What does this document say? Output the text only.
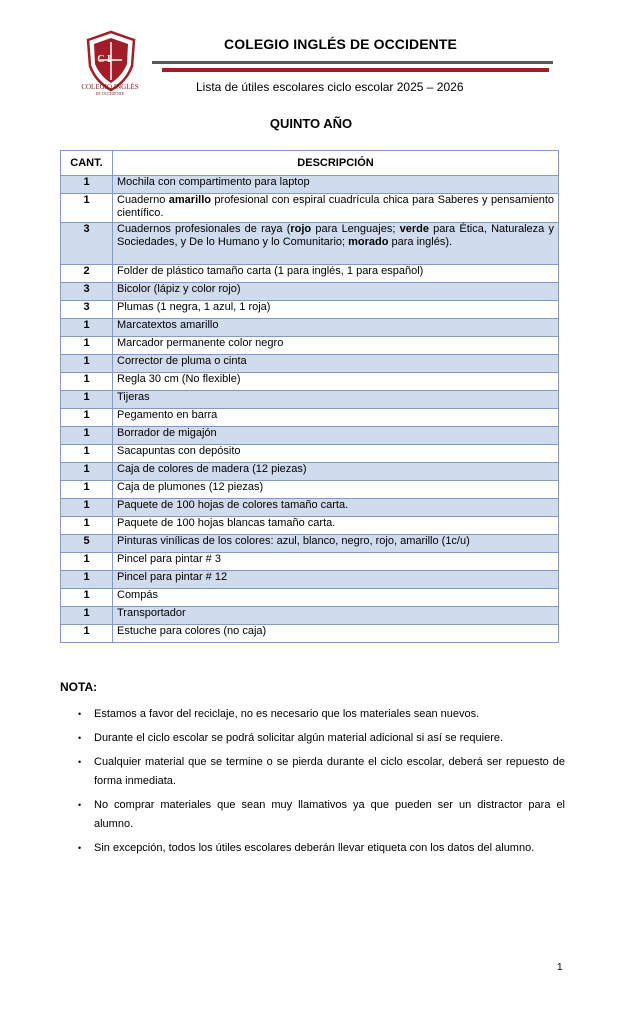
C I
COLEGIO INGLÉS
DE OCCIDENTE
COLEGIO INGLÉS DE OCCIDENTE
Lista de útiles escolares ciclo escolar 2025 – 2026
QUINTO AÑO
CANT.	DESCRIPCIÓN
1	Mochila con compartimento para laptop
1	Cuaderno amarillo profesional con espiral cuadrícula chica para Saberes y pensamiento científico.
3	Cuadernos profesionales de raya (rojo para Lenguajes; verde para Ética, Naturaleza y Sociedades, y De lo Humano y lo Comunitario; morado para inglés).
2	Folder de plástico tamaño carta (1 para inglés, 1 para español)
3	Bicolor (lápiz y color rojo)
3	Plumas (1 negra, 1 azul, 1 roja)
1	Marcatextos amarillo
1	Marcador permanente color negro
1	Corrector de pluma o cinta
1	Regla 30 cm (No flexible)
1	Tijeras
1	Pegamento en barra
1	Borrador de migajón
1	Sacapuntas con depósito
1	Caja de colores de madera (12 piezas)
1	Caja de plumones (12 piezas)
1	Paquete de 100 hojas de colores tamaño carta.
1	Paquete de 100 hojas blancas tamaño carta.
5	Pinturas vinílicas de los colores: azul, blanco, negro, rojo, amarillo (1c/u)
1	Pincel para pintar # 3
1	Pincel para pintar # 12
1	Compás
1	Transportador
1	Estuche para colores (no caja)
NOTA:
• Estamos a favor del reciclaje, no es necesario que los materiales sean nuevos.
• Durante el ciclo escolar se podrá solicitar algún material adicional si así se requiere.
• Cualquier material que se termine o se pierda durante el ciclo escolar, deberá ser repuesto de forma inmediata.
• No comprar materiales que sean muy llamativos ya que pueden ser un distractor para el alumno.
• Sin excepción, todos los útiles escolares deberán llevar etiqueta con los datos del alumno.
1
